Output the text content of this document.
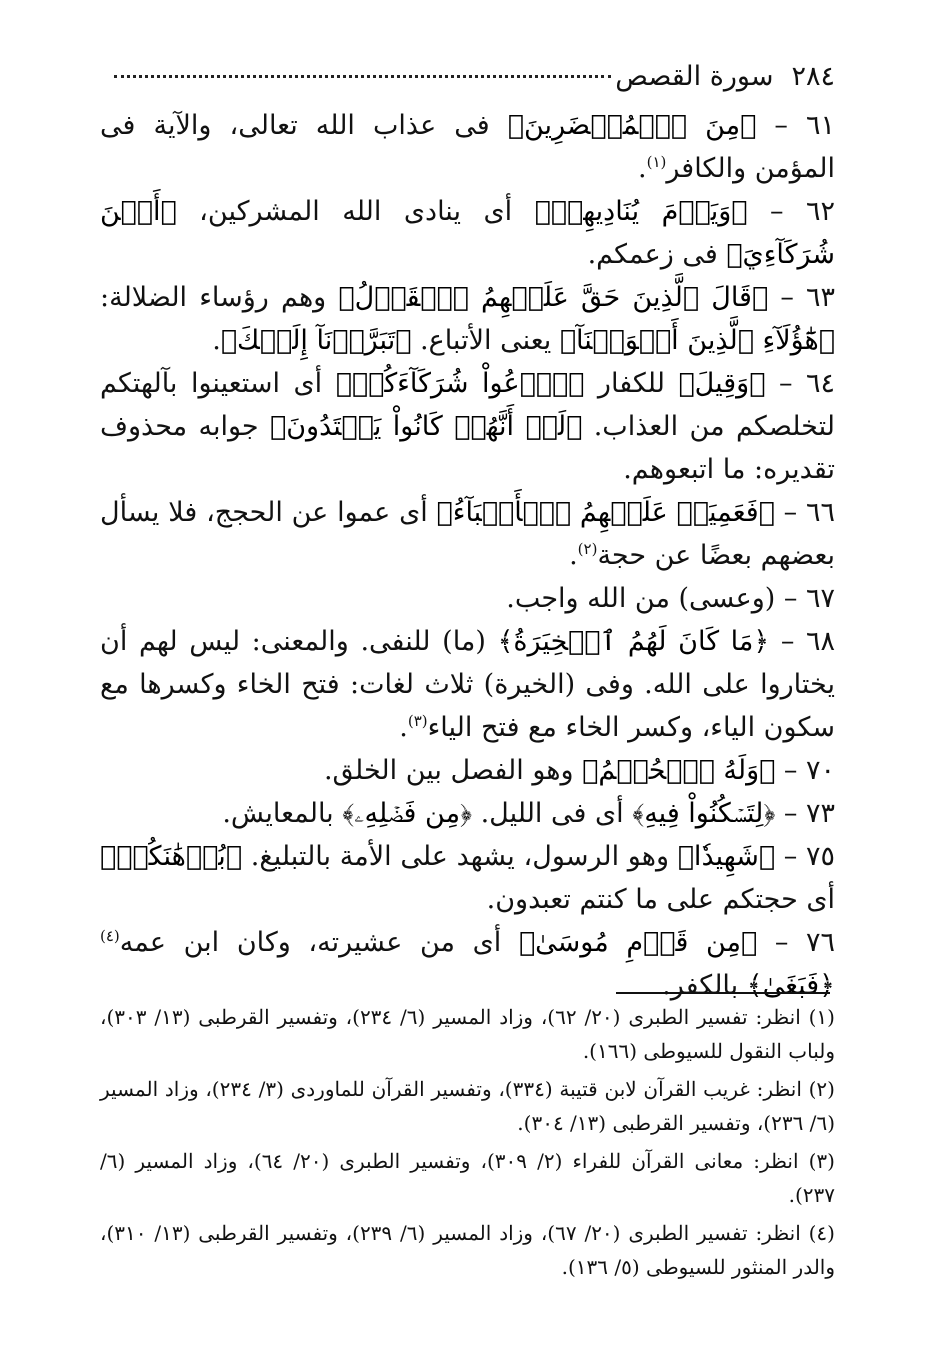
٢٨٤
سورة القصص

٦١ – ﴿مِنَ ٱلۡمُحۡضَرِينَ﴾ فى عذاب الله تعالى، والآية فى المؤمن والكافر$^{(١)}$.

٦٢ – ﴿وَيَوۡمَ يُنَادِيهِمۡ﴾ أى ينادى الله المشركين، ﴿أَيۡنَ شُرَكَآءِيَ﴾ فى زعمكم.

٦٣ – ﴿قَالَ ٱلَّذِينَ حَقَّ عَلَيۡهِمُ ٱلۡقَوۡلُ﴾ وهم رؤساء الضلالة: ﴿هَٰٓؤُلَآءِ ٱلَّذِينَ أَغۡوَيۡنَآ﴾ يعنى الأتباع. ﴿تَبَرَّأۡنَآ إِلَيۡكَ﴾.

٦٤ – ﴿وَقِيلَ﴾ للكفار ﴿ٱدۡعُواْ شُرَكَآءَكُمۡ﴾ أى استعينوا بآلهتكم لتخلصكم من العذاب. ﴿لَوۡ أَنَّهُمۡ كَانُواْ يَهۡتَدُونَ﴾ جوابه محذوف تقديره: ما اتبعوهم.

٦٦ – ﴿فَعَمِيَتۡ عَلَيۡهِمُ ٱلۡأَنۢبَآءُ﴾ أى عموا عن الحجج، فلا يسأل بعضهم بعضًا عن حجة$^{(٢)}$.

٦٧ – (وعسى) من الله واجب.

٦٨ – ﴿مَا كَانَ لَهُمُ ٱلۡخِيَرَةُ﴾ (ما) للنفى. والمعنى: ليس لهم أن يختاروا على الله. وفى (الخيرة) ثلاث لغات: فتح الخاء وكسرها مع سكون الياء، وكسر الخاء مع فتح الياء$^{(٣)}$.

٧٠ – ﴿وَلَهُ ٱلۡحُكۡمُ﴾ وهو الفصل بين الخلق.

٧٣ – ﴿لِتَسۡكُنُواْ فِيهِ﴾ أى فى الليل. ﴿مِن فَضۡلِهِۦ﴾ بالمعايش.

٧٥ – ﴿شَهِيدٗا﴾ وهو الرسول، يشهد على الأمة بالتبليغ. ﴿بُرۡهَٰنَكُمۡ﴾ أى حجتكم على ما كنتم تعبدون.

٧٦ – ﴿مِن قَوۡمِ مُوسَىٰ﴾ أى من عشيرته، وكان ابن عمه$^{(٤)}$ ﴿فَبَغَىٰ﴾ بالكفر.

(١) انظر: تفسير الطبرى (٢٠/ ٦٢)، وزاد المسير (٦/ ٢٣٤)، وتفسير القرطبى (١٣/ ٣٠٣)، ولباب النقول للسيوطى (١٦٦).

(٢) انظر: غريب القرآن لابن قتيبة (٣٣٤)، وتفسير القرآن للماوردى (٣/ ٢٣٤)، وزاد المسير (٦/ ٢٣٦)، وتفسير القرطبى (١٣/ ٣٠٤).

(٣) انظر: معانى القرآن للفراء (٢/ ٣٠٩)، وتفسير الطبرى (٢٠/ ٦٤)، وزاد المسير (٦/ ٢٣٧).

(٤) انظر: تفسير الطبرى (٢٠/ ٦٧)، وزاد المسير (٦/ ٢٣٩)، وتفسير القرطبى (١٣/ ٣١٠)، والدر المنثور للسيوطى (٥/ ١٣٦).
